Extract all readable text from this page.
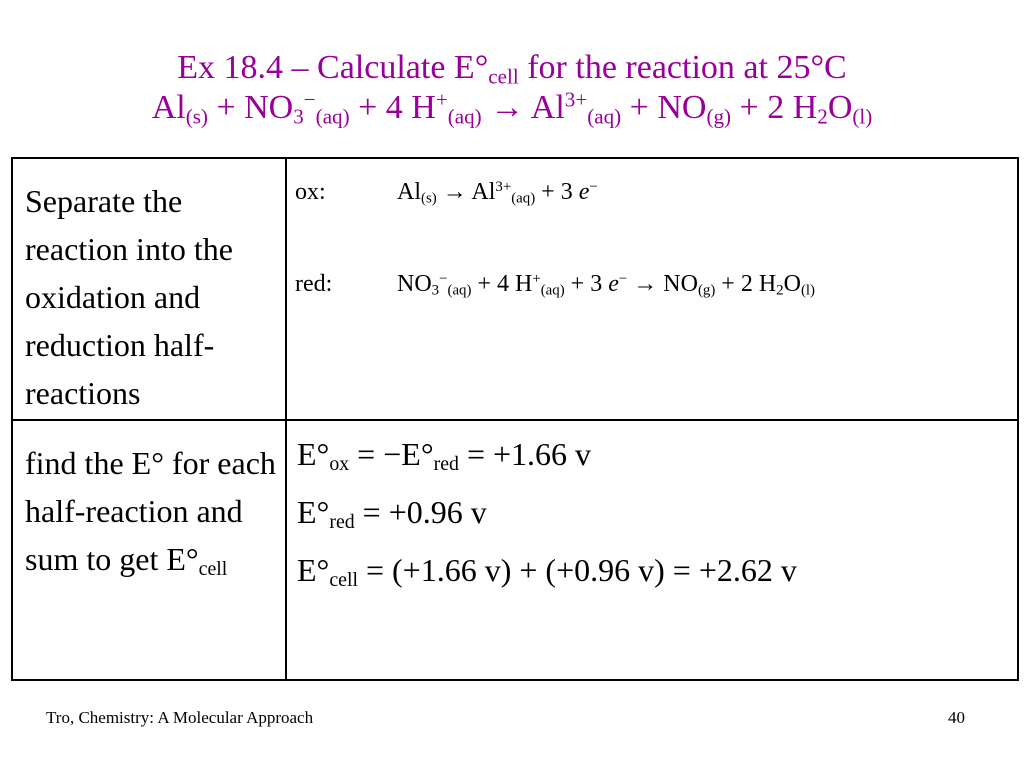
Ex 18.4 – Calculate $E^\circ_{cell}$ for the reaction at 25°C
$Al_{(s)} + NO_3^-_{(aq)} + 4$ $H^+_{(aq)} \to Al^{3+}_{(aq)} + NO_{(g)} + 2$ $H_2O_{(l)}$
Separate the reaction into the oxidation and reduction half-reactions	ox: $Al_{(s)} \to Al^{3+}_{(aq)} + 3$ e−
red: $NO_3^-_{(aq)} + 4$ $H^+_{(aq)} + 3$ $e^- \to NO_{(g)} + 2$ $H_2O_{(l)}$

find the E° for each half-reaction and sum to get $E^\circ_{cell}$	$E^\circ_{ox} = -E^\circ_{red} = +1.66$ v
$E^\circ_{red} = +0.96$ v
$E^\circ_{cell} = (+1.66$ v) + (+0.96 v) = +2.62 v
Tro, Chemistry: A Molecular Approach	40
